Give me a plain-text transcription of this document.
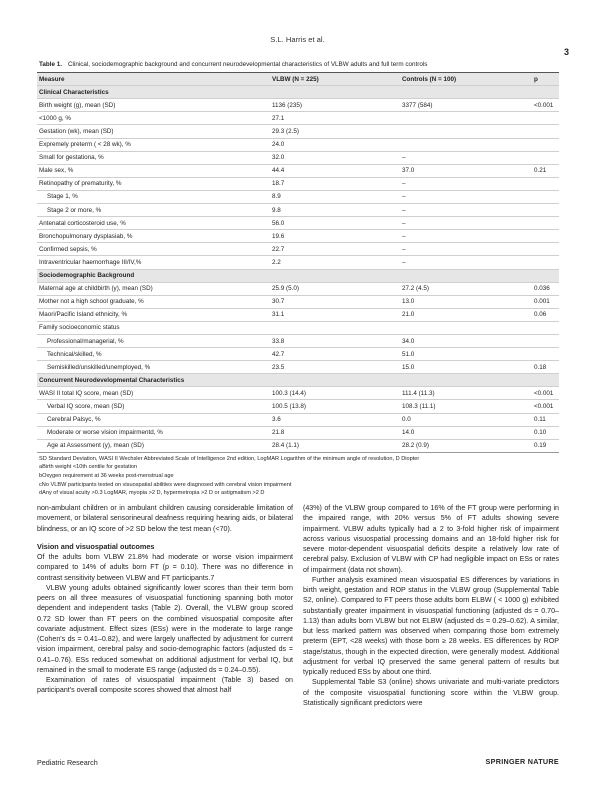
S.L. Harris et al.
3
Table 1. Clinical, sociodemographic background and concurrent neurodevelopmental characteristics of VLBW adults and full term controls
Measure	VLBW (N = 225)	Controls (N = 100)	p
Clinical Characteristics			
Birth weight (g), mean (SD)	1136 (235)	3377 (584)	<0.001
<1000 g, %	27.1		
Gestation (wk), mean (SD)	29.3 (2.5)		
Expremely preterm ( < 28 wk), %	24.0		
Small for gestationa, %	32.0	–	
Male sex, %	44.4	37.0	0.21
Retinopathy of prematurity, %	18.7	–	
Stage 1, %	8.9	–	
Stage 2 or more, %	9.8	–	
Antenatal corticosteroid use, %	56.0	–	
Bronchopulmonary dysplasiab, %	19.6	–	
Confirmed sepsis, %	22.7	–	
Intraventricular haemorrhage III/IV,%	2.2	–	
Sociodemographic Background			
Maternal age at childbirth (y), mean (SD)	25.9 (5.0)	27.2 (4.5)	0.036
Mother not a high school graduate, %	30.7	13.0	0.001
Maori/Pacific Island ethnicity, %	31.1	21.0	0.06
Family socioeconomic status			
Professional/managerial, %	33.8	34.0	
Technical/skilled, %	42.7	51.0	
Semiskilled/unskilled/unemployed, %	23.5	15.0	0.18
Concurrent Neurodevelopmental Characteristics			
WASI II total IQ score, mean (SD)	100.3 (14.4)	111.4 (11.3)	<0.001
Verbal IQ score, mean (SD)	100.5 (13.8)	108.3 (11.1)	<0.001
Cerebral Palsyc, %	3.6	0.0	0.11
Moderate or worse vision impairmentd, %	21.8	14.0	0.10
Age at Assessment (y), mean (SD)	28.4 (1.1)	28.2 (0.9)	0.19
SD Standard Deviation, WASI II Wechsler Abbreviated Scale of Intelligence 2nd edition, LogMAR Logarithm of the minimum angle of resolution, D Diopter
aBirth weight <10th centile for gestation
bOxygen requirement at 36 weeks post-menstrual age
cNo VLBW participants tested on visuospatial abilities were diagnosed with cerebral vision impairment
dAny of visual acuity >0.3 LogMAR, myopia >2 D, hypermetropia >2 D or astigmatism >2 D

non-ambulant children or in ambulant children causing considerable limitation of movement, or bilateral sensorineural deafness requiring hearing aids, or bilateral blindness, or an IQ score of >2 SD below the test mean (<70).

Vision and visuospatial outcomes

Of the adults born VLBW 21.8% had moderate or worse vision impairment compared to 14% of adults born FT (p = 0.10). There was no difference in contrast sensitivity between VLBW and FT participants.7

VLBW young adults obtained significantly lower scores than their term born peers on all three measures of visuospatial functioning spanning both motor dependent and independent tasks (Table 2). Overall, the VLBW group scored 0.72 SD lower than FT peers on the combined visuospatial composite after covariate adjustment. Effect sizes (ESs) were in the moderate to large range (Cohen's ds = 0.41–0.82), and were largely unaffected by adjustment for current vision impairment, cerebral palsy and socio-demographic factors (adjusted ds = 0.41–0.76). ESs reduced somewhat on additional adjustment for verbal IQ, but remained in the small to moderate ES range (adjusted ds = 0.24–0.55).

Examination of rates of visuospatial impairment (Table 3) based on participant's overall composite scores showed that almost half

(43%) of the VLBW group compared to 16% of the FT group were performing in the impaired range, with 20% versus 5% of FT adults showing severe impairment. VLBW adults typically had a 2 to 3-fold higher risk of impairment across various visuospatial processing domains and an 18-fold higher risk for severe motor-dependent visuospatial deficits despite a relatively low rate of cerebral palsy. Exclusion of VLBW with CP had negligible impact on ESs or rates of impairment (data not shown).

Further analysis examined mean visuospatial ES differences by variations in birth weight, gestation and ROP status in the VLBW group (Supplemental Table S2, online). Compared to FT peers those adults born ELBW ( < 1000 g) exhibited substantially greater impairment in visuospatial functioning (adjusted ds = 0.70–1.13) than adults born VLBW but not ELBW (adjusted ds = 0.29–0.62). A similar, but less marked pattern was observed when comparing those born extremely preterm (EPT, <28 weeks) with those born ≥ 28 weeks. ES differences by ROP stage/status, though in the expected direction, were generally modest. Additional adjustment for verbal IQ preserved the same general pattern of results but typically reduced ESs by about one third.

Supplemental Table S3 (online) shows univariate and multi-variate predictors of the composite visuospatial functioning score within the VLBW group. Statistically significant predictors were

Pediatric Research	SPRINGER NATURE
